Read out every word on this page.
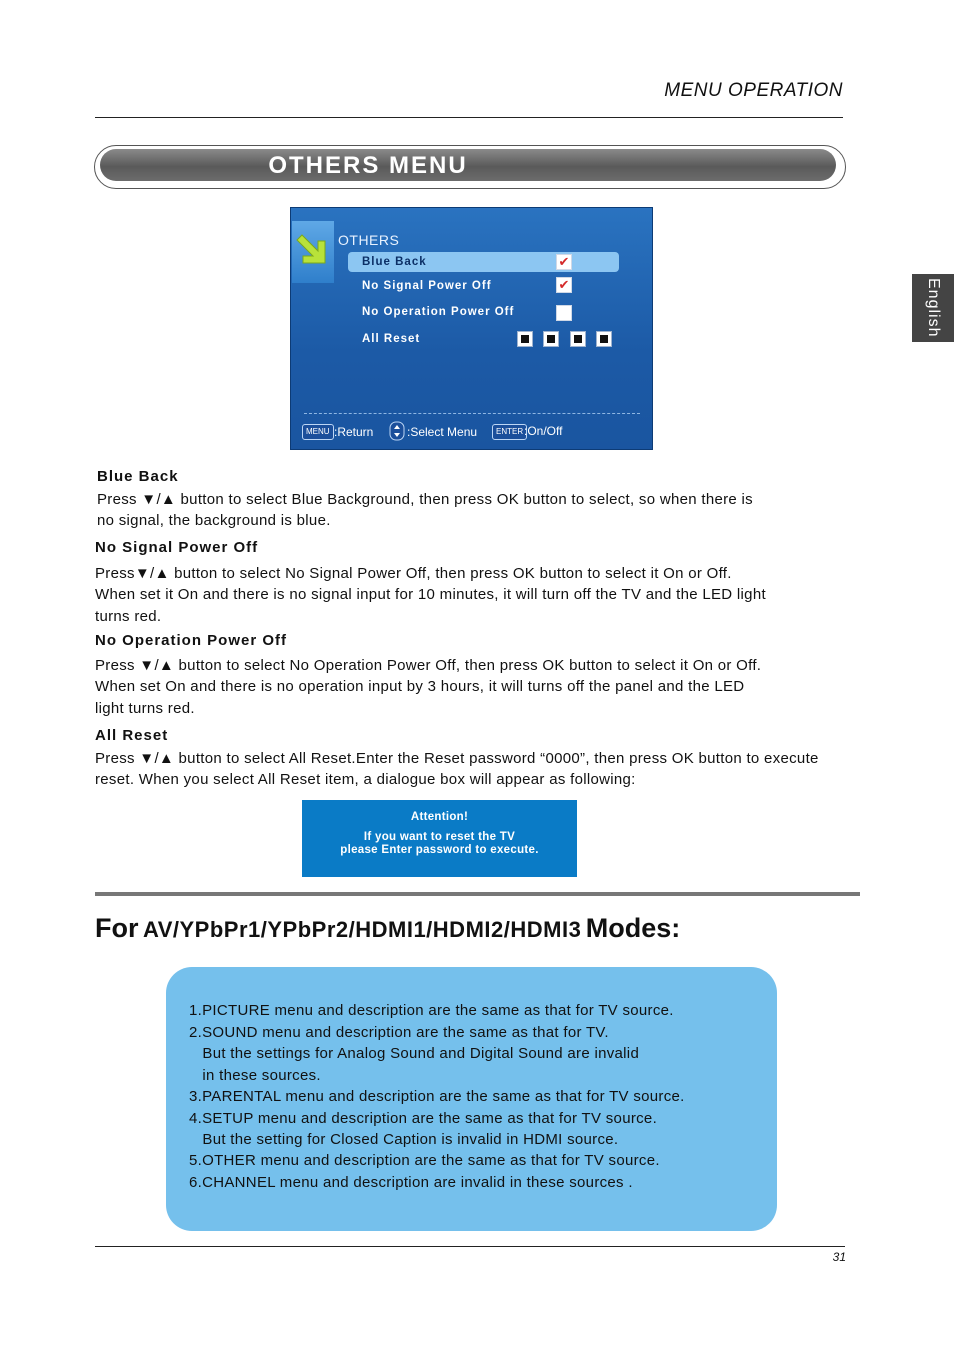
MENU OPERATION
English
OTHERS MENU
OTHERS
Blue Back
No Signal Power Off
No Operation Power Off
All Reset
✔
✔
MENU :Return	:Select Menu	ENTER :On/Off
Blue Back
Press ▼/▲ button to select Blue Background, then press OK button to select, so when there is
no signal, the background is blue.
No Signal Power Off
Press▼/▲ button to select No Signal Power Off, then press OK button to select it On or Off.
When set it On and there is no signal input for 10 minutes, it will turn off the TV and the LED light
turns red.
No Operation Power Off
Press ▼/▲ button to select No Operation Power Off, then press OK button to select it On or Off.
When set On and there is no operation input by 3 hours, it will turns off the panel and the LED
light turns red.
All Reset
Press ▼/▲ button to select All Reset.Enter the Reset password “0000”, then press OK button to execute
reset. When you select All Reset item, a dialogue box will appear as following:
Attention!
If you want to reset the TV
please Enter password to execute.
For AV/YPbPr1/YPbPr2/HDMI1/HDMI2/HDMI3 Modes:
1.PICTURE menu and description are the same as that for TV source.
2.SOUND menu and description are the same as that for TV.
But the settings for Analog Sound and Digital Sound are invalid
in these sources.
3.PARENTAL menu and description are the same as that for TV source.
4.SETUP menu and description are the same as that for TV source.
But the setting for Closed Caption is invalid in HDMI source.
5.OTHER menu and description are the same as that for TV source.
6.CHANNEL menu and description are invalid in these sources .
31
